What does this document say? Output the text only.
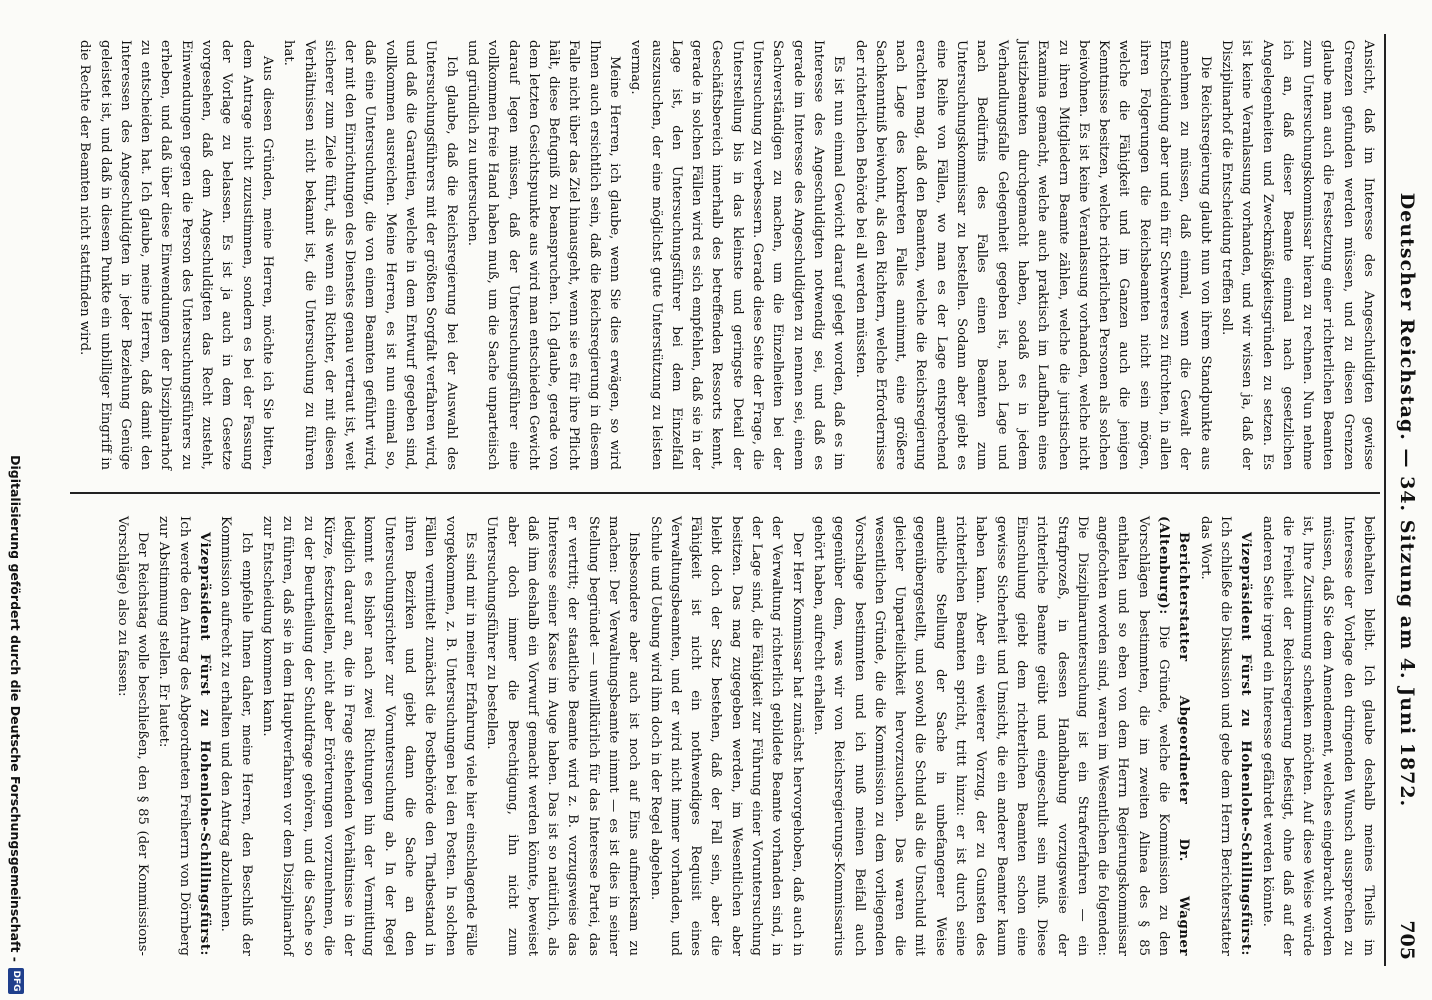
Deutscher Reichstag. — 34. Sitzung am 4. Juni 1872.
705

Ansicht, daß im Interesse des Angeschuldigten gewisse Grenzen gefunden werden müssen, und zu diesen Grenzen glaube man auch die Festsetzung einer richterlichen Beamten zum Untersuchungskommissar hieran zu rechnen. Nun nehme ich an, daß dieser Beamte einmal nach gesetzlichen Angelegenheiten und Zweckmäßigkeitsgründen zu setzen. Es ist keine Veranlassung vorhanden, und wir wissen ja, daß der Disziplinarhof die Entscheidung treffen soll.

Die Reichsregierung glaubt nun von ihrem Standpunkte aus annehmen zu müssen, daß einmal, wenn die Gewalt der Entscheidung aber und ein für Schwereres zu fürchten, in allen ihren Folgerungen die Reichsbeamten nicht sein mögen, welche die Fähigkeit und im Ganzen auch die jenigen Kenntnisse besitzen, welche richterlichen Personen als solchen beiwohnen. Es ist keine Veranlassung vorhanden, welche nicht zu ihren Mitgliedern Beamte zählen, welche die juristischen Examina gemacht, welche auch praktisch im Laufbahn eines Justizbeamten durchgemacht haben, sodaß es in jedem Verhandlungsfalle Gelegenheit gegeben ist, nach Lage und nach Bedürfnis des Falles einen Beamten zum Untersuchungskommissar zu bestellen. Sodann aber giebt es eine Reihe von Fällen, wo man es der Lage entsprechend erachten mag, daß den Beamten, welche die Reichsregierung nach Lage des konkreten Falles annimmt, eine größere Sachkenntniß beiwohnt, als den Richtern, welche Erfordernisse der richterlichen Behörde bei all werden müssten.

Es ist nun einmal Gewicht darauf gelegt worden, daß es im Interesse des Angeschuldigten notwendig sei, und daß es gerade im Interesse des Angeschuldigten zu nennen sei, einem Sachverständigen zu machen, um die Einzelheiten bei der Untersuchung zu verbessern. Gerade diese Seite der Frage, die Unterstellung bis in das kleinste und geringste Detail der Geschäftsbereich innerhalb des betreffenden Ressorts kennt, gerade in solchen Fällen wird es sich empfehlen, daß sie in der Lage ist, den Untersuchungsführer bei dem Einzelfall auszusuchen, der eine möglichst gute Unterstützung zu leisten vermag.

Meine Herren, ich glaube, wenn Sie dies erwägen, so wird Ihnen auch ersichtlich sein, daß die Reichsregierung in diesem Falle nicht über das Ziel hinausgeht, wenn sie es für ihre Pflicht hält, diese Befugniß zu beanspruchen. Ich glaube, gerade von dem letzten Gesichtspunkte aus wird man entschieden Gewicht darauf legen müssen, daß der Untersuchungsführer eine vollkommen freie Hand haben muß, um die Sache unparteiisch und gründlich zu untersuchen.

Ich glaube, daß die Reichsregierung bei der Auswahl des Untersuchungsführers mit der größten Sorgfalt verfahren wird, und daß die Garantien, welche in dem Entwurf gegeben sind, vollkommen ausreichen. Meine Herren, es ist nun einmal so, daß eine Untersuchung, die von einem Beamten geführt wird, der mit den Einrichtungen des Dienstes genau vertraut ist, weit sicherer zum Ziele führt, als wenn ein Richter, der mit diesen Verhältnissen nicht bekannt ist, die Untersuchung zu führen hat.

Aus diesen Gründen, meine Herren, möchte ich Sie bitten, dem Antrage nicht zuzustimmen, sondern es bei der Fassung der Vorlage zu belassen. Es ist ja auch in dem Gesetze vorgesehen, daß dem Angeschuldigten das Recht zusteht, Einwendungen gegen die Person des Untersuchungsführers zu erheben, und daß über diese Einwendungen der Disziplinarhof zu entscheiden hat. Ich glaube, meine Herren, daß damit den Interessen des Angeschuldigten in jeder Beziehung Genüge geleistet ist, und daß in diesem Punkte ein unbilliger Eingriff in die Rechte der Beamten nicht stattfinden wird.

beibehalten bleibt. Ich glaube deshalb meines Theils im Interesse der Vorlage den dringenden Wunsch aussprechen zu müssen, daß Sie dem Amendement, welches eingebracht worden ist, Ihre Zustimmung schenken möchten. Auf diese Weise würde die Freiheit der Reichsregierung befestigt, ohne daß auf der anderen Seite irgend ein Interesse gefährdet werden könnte.

Vizepräsident Fürst zu Hohenlohe-Schillingsfürst: Ich schließe die Diskussion und gebe dem Herrn Berichterstatter das Wort.

Berichterstatter Abgeordneter Dr. Wagner (Altenburg): Die Gründe, welche die Kommission zu den Vorschlägen bestimmten, die im zweiten Alinea des § 85 enthalten und so eben von dem Herrn Regierungskommissar angefochten worden sind, waren im Wesentlichen die folgenden: Die Disziplinaruntersuchung ist ein Strafverfahren — ein Strafprozeß, in dessen Handhabung vorzugsweise der richterliche Beamte geübt und eingeschult sein muß. Diese Einschulung giebt dem richterlichen Beamten schon eine gewisse Sicherheit und Umsicht, die ein anderer Beamter kaum haben kann. Aber ein weiterer Vorzug, der zu Gunsten des richterlichen Beamten spricht, tritt hinzu: er ist durch seine amtliche Stellung der Sache in unbefangener Weise gegenübergestellt, und sowohl die Schuld als die Unschuld mit gleicher Unparteilichkeit hervorzusuchen. Das waren die wesentlichen Gründe, die die Kommission zu dem vorliegenden Vorschlage bestimmten und ich muß meinen Beifall auch gegenüber dem, was wir von Reichsregierungs-Kommissarius gehört haben, aufrecht erhalten.

Der Herr Kommissar hat zunächst hervorgehoben, daß auch in der Verwaltung richterlich gebildete Beamte vorhanden sind, in der Lage sind, die Fähigkeit zur Führung einer Voruntersuchung besitzen. Das mag zugegeben werden, im Wesentlichen aber bleibt doch der Satz bestehen, daß der Fall sein, aber die Fähigkeit ist nicht ein nothwendiges Requisit eines Verwaltungsbeamten, und er wird nicht immer vorhanden, und Schule und Uebung wird ihm doch in der Regel abgehen.

Insbesondere aber auch ist noch auf Eins aufmerksam zu machen: Der Verwaltungsbeamte nimmt — es ist dies in seiner Stellung begründet — unwillkürlich für das Interesse Partei, das er vertritt; der staatliche Beamte wird z. B. vorzugsweise das Interesse seiner Kasse im Auge haben. Das ist so natürlich, als daß ihm deshalb ein Vorwurf gemacht werden könnte, beweiset aber doch immer die Berechtigung, ihn nicht zum Untersuchungsführer zu bestellen.

Es sind mir in meiner Erfahrung viele hier einschlagende Fälle vorgekommen, z. B. Untersuchungen bei den Posten. In solchen Fällen vermittelt zunächst die Postbehörde den Thatbestand in ihren Bezirken und giebt dann die Sache an den Untersuchungsrichter zur Voruntersuchung ab. In der Regel kommt es bisher nach zwei Richtungen hin der Vermittlung lediglich darauf an, die in Frage stehenden Verhältnisse in der Kürze, festzustellen, nicht aber Erörterungen vorzunehmen, die zu der Beurtheilung der Schuldfrage gehören, und die Sache so zu führen, daß sie in dem Hauptverfahren vor dem Disziplinarhof zur Entscheidung kommen kann.

Ich empfehle Ihnen daher, meine Herren, den Beschluß der Kommission aufrecht zu erhalten und den Antrag abzulehnen.

Vizepräsident Fürst zu Hohenlohe-Schillingsfürst: Ich werde den Antrag des Abgeordneten Freiherrn von Dörnberg zur Abstimmung stellen. Er lautet:

Der Reichstag wolle beschließen, den § 85 (der Kommissions-Vorschläge) also zu fassen:

Digitalisierung gefördert durch die Deutsche Forschungsgemeinschaft -
DFG
